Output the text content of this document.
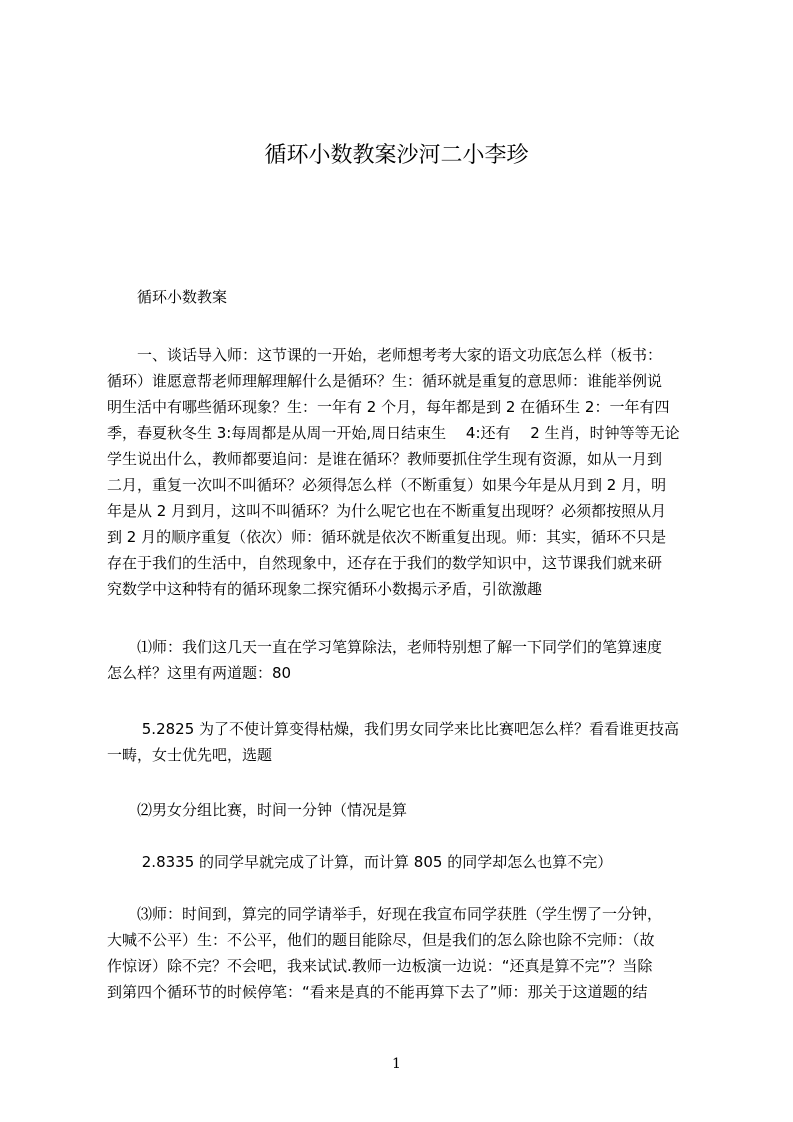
循环小数教案沙河二小李珍

　　循环小数教案

　　一、谈话导入师：这节课的一开始，老师想考考大家的语文功底怎么样（板书：
循环）谁愿意帮老师理解理解什么是循环？生：循环就是重复的意思师：谁能举例说
明生活中有哪些循环现象？生：一年有 2 个月，每年都是到 2 在循环生 2：一年有四
季，春夏秋冬生 3:每周都是从周一开始,周日结束生　 4:还有　 2 生肖，时钟等等无论
学生说出什么，教师都要追问：是谁在循环？教师要抓住学生现有资源，如从一月到
二月，重复一次叫不叫循环？必须得怎么样（不断重复）如果今年是从月到 2 月，明
年是从 2 月到月，这叫不叫循环？为什么呢它也在不断重复出现呀？必须都按照从月
到 2 月的顺序重复（依次）师：循环就是依次不断重复出现。师：其实，循环不只是
存在于我们的生活中，自然现象中，还存在于我们的数学知识中，这节课我们就来研
究数学中这种特有的循环现象二探究循环小数揭示矛盾，引欲激趣

　　⑴师：我们这几天一直在学习笔算除法，老师特别想了解一下同学们的笔算速度
怎么样？这里有两道题：80

　　 5.2825 为了不使计算变得枯燥，我们男女同学来比比赛吧怎么样？看看谁更技高
一畴，女士优先吧，选题

　　⑵男女分组比赛，时间一分钟（情况是算

　　 2.8335 的同学早就完成了计算，而计算 805 的同学却怎么也算不完）

　　⑶师：时间到，算完的同学请举手，好现在我宣布同学获胜（学生愣了一分钟，
大喊不公平）生：不公平，他们的题目能除尽，但是我们的怎么除也除不完师：（故
作惊讶）除不完？不会吧，我来试试.教师一边板演一边说：“还真是算不完”？当除
到第四个循环节的时候停笔：“看来是真的不能再算下去了”师：那关于这道题的结

1
